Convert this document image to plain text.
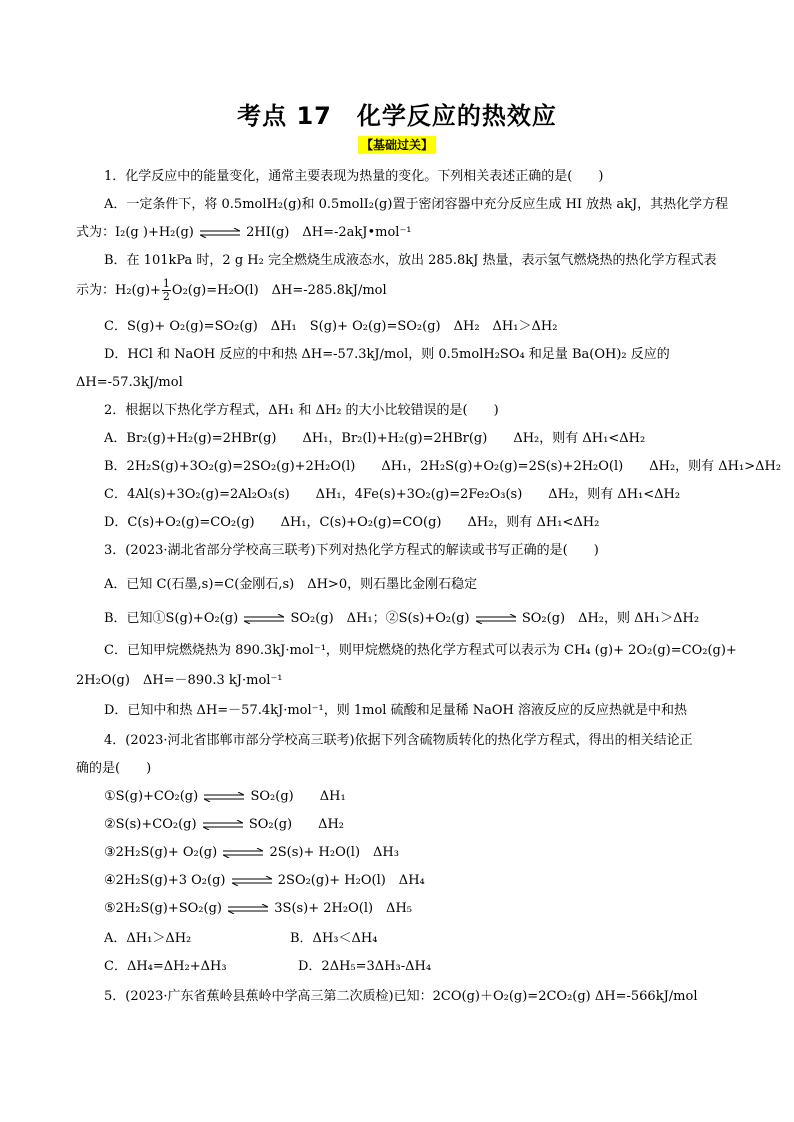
考点 17　化学反应的热效应
【基础过关】
1．化学反应中的能量变化，通常主要表现为热量的变化。下列相关表述正确的是(　　)
A．一定条件下，将 0.5molH₂(g)和 0.5molI₂(g)置于密闭容器中充分反应生成 HI 放热 akJ，其热化学方程
式为：I₂(g )+H₂(g) ⇌ 2HI(g)　ΔH=-2akJ•mol⁻¹
B．在 101kPa 时，2 g H₂ 完全燃烧生成液态水，放出 285.8kJ 热量，表示氢气燃烧热的热化学方程式表
示为：$H_2(g)+ \frac{1}{2} O_2(g)=H_2O(l)$　ΔH=-285.8kJ/mol
C．S(g)+ O₂(g)=SO₂(g)　ΔH₁　S(g)+ O₂(g)=SO₂(g)　ΔH₂　ΔH₁＞ΔH₂
D．HCl 和 NaOH 反应的中和热 ΔH=-57.3kJ/mol，则 0.5molH₂SO₄ 和足量 Ba(OH)₂ 反应的
ΔH=-57.3kJ/mol
2．根据以下热化学方程式，ΔH₁ 和 ΔH₂ 的大小比较错误的是(　　)
A．Br₂(g)+H₂(g)=2HBr(g)　　ΔH₁，Br₂(l)+H₂(g)=2HBr(g)　　ΔH₂，则有 ΔH₁<ΔH₂
B．2H₂S(g)+3O₂(g)=2SO₂(g)+2H₂O(l)　　ΔH₁，2H₂S(g)+O₂(g)=2S(s)+2H₂O(l)　　ΔH₂，则有 ΔH₁>ΔH₂
C．4Al(s)+3O₂(g)=2Al₂O₃(s)　　ΔH₁，4Fe(s)+3O₂(g)=2Fe₂O₃(s)　　ΔH₂，则有 ΔH₁<ΔH₂
D．C(s)+O₂(g)=CO₂(g)　　ΔH₁，C(s)+O₂(g)=CO(g)　　ΔH₂，则有 ΔH₁<ΔH₂
3．(2023·湖北省部分学校高三联考)下列对热化学方程式的解读或书写正确的是(　　)
A．已知 C(石墨,s)=C(金刚石,s)　ΔH>0，则石墨比金刚石稳定
B．已知①S(g)+O₂(g) ⇌ SO₂(g)　ΔH₁；②S(s)+O₂(g) ⇌ SO₂(g)　ΔH₂，则 ΔH₁＞ΔH₂
C．已知甲烷燃烧热为 890.3kJ·mol⁻¹，则甲烷燃烧的热化学方程式可以表示为 CH₄ (g)+ 2O₂(g)=CO₂(g)+
2H₂O(g)　ΔH=－890.3 kJ·mol⁻¹
D．已知中和热 ΔH=－57.4kJ·mol⁻¹，则 1mol 硫酸和足量稀 NaOH 溶液反应的反应热就是中和热
4．(2023·河北省邯郸市部分学校高三联考)依据下列含硫物质转化的热化学方程式，得出的相关结论正
确的是(　　)
①S(g)+CO₂(g) ⇌ SO₂(g)　　ΔH₁
②S(s)+CO₂(g) ⇌ SO₂(g)　　ΔH₂
③2H₂S(g)+ O₂(g) ⇌ 2S(s)+ H₂O(l)　ΔH₃
④2H₂S(g)+3 O₂(g) ⇌ 2SO₂(g)+ H₂O(l)　ΔH₄
⑤2H₂S(g)+SO₂(g) ⇌ 3S(s)+ 2H₂O(l)　ΔH₅
A．ΔH₁＞ΔH₂	B．ΔH₃＜ΔH₄
C．ΔH₄=ΔH₂+ΔH₃	D．2ΔH₅=3ΔH₃-ΔH₄
5．(2023·广东省蕉岭县蕉岭中学高三第二次质检)已知：2CO(g)＋O₂(g)=2CO₂(g) ΔH=-566kJ/mol
